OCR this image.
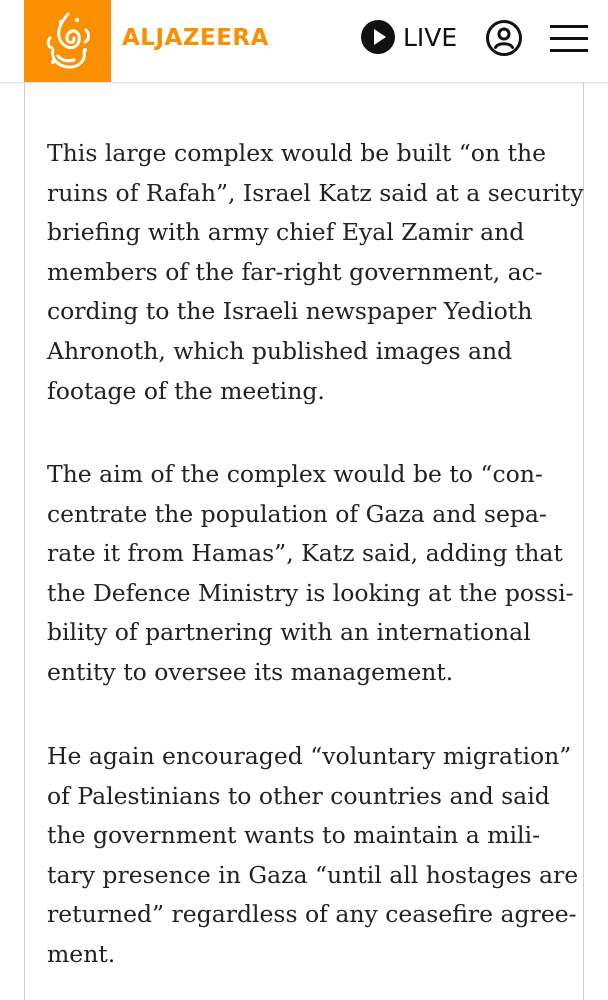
ALJAZEERA	LIVE

This large complex would be built “on the
ruins of Rafah”, Israel Katz said at a security
briefing with army chief Eyal Zamir and
members of the far-right government, ac-
cording to the Israeli newspaper Yedioth
Ahronoth, which published images and
footage of the meeting.

The aim of the complex would be to “con-
centrate the population of Gaza and sepa-
rate it from Hamas”, Katz said, adding that
the Defence Ministry is looking at the possi-
bility of partnering with an international
entity to oversee its management.

He again encouraged “voluntary migration”
of Palestinians to other countries and said
the government wants to maintain a mili-
tary presence in Gaza “until all hostages are
returned” regardless of any ceasefire agree-
ment.
